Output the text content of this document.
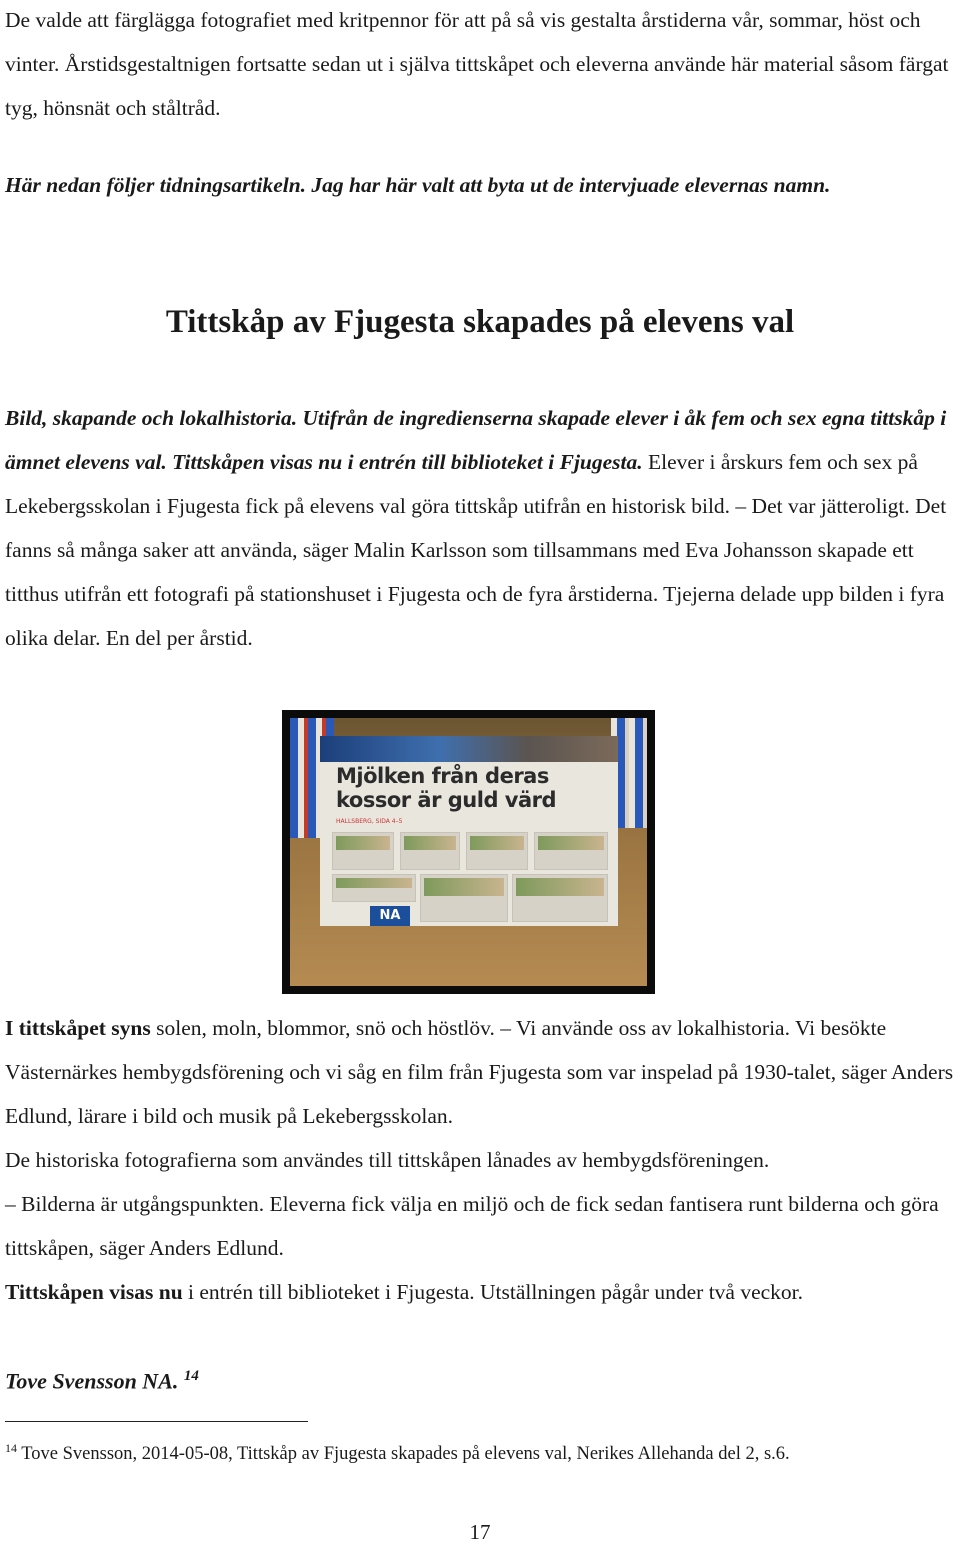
De valde att färglägga fotografiet med kritpennor för att på så vis gestalta årstiderna vår, sommar, höst och vinter. Årstidsgestaltnigen fortsatte sedan ut i själva tittskåpet och eleverna använde här material såsom färgat tyg, hönsnät och ståltråd.
Här nedan följer tidningsartikeln. Jag har här valt att byta ut de intervjuade elevernas namn.
Tittskåp av Fjugesta skapades på elevens val
Bild, skapande och lokalhistoria. Utifrån de ingredienserna skapade elever i åk fem och sex egna tittskåp i ämnet elevens val. Tittskåpen visas nu i entrén till biblioteket i Fjugesta. Elever i årskurs fem och sex på Lekebergsskolan i Fjugesta fick på elevens val göra tittskåp utifrån en historisk bild. – Det var jätteroligt. Det fanns så många saker att använda, säger Malin Karlsson som tillsammans med Eva Johansson skapade ett titthus utifrån ett fotografi på stationshuset i Fjugesta och de fyra årstiderna. Tjejerna delade upp bilden i fyra olika delar. En del per årstid.
Mjölken från deras kossor är guld värd
HALLSBERG, SIDA 4–5
NA
I tittskåpet syns solen, moln, blommor, snö och höstlöv. – Vi använde oss av lokalhistoria. Vi besökte Västernärkes hembygdsförening och vi såg en film från Fjugesta som var inspelad på 1930-talet, säger Anders Edlund, lärare i bild och musik på Lekebergsskolan.
De historiska fotografierna som användes till tittskåpen lånades av hembygdsföreningen.
– Bilderna är utgångspunkten. Eleverna fick välja en miljö och de fick sedan fantisera runt bilderna och göra tittskåpen, säger Anders Edlund.
Tittskåpen visas nu i entrén till biblioteket i Fjugesta. Utställningen pågår under två veckor.
Tove Svensson NA. $^{14}$
$^{14}$ Tove Svensson, 2014-05-08, Tittskåp av Fjugesta skapades på elevens val, Nerikes Allehanda del 2, s.6.
17
